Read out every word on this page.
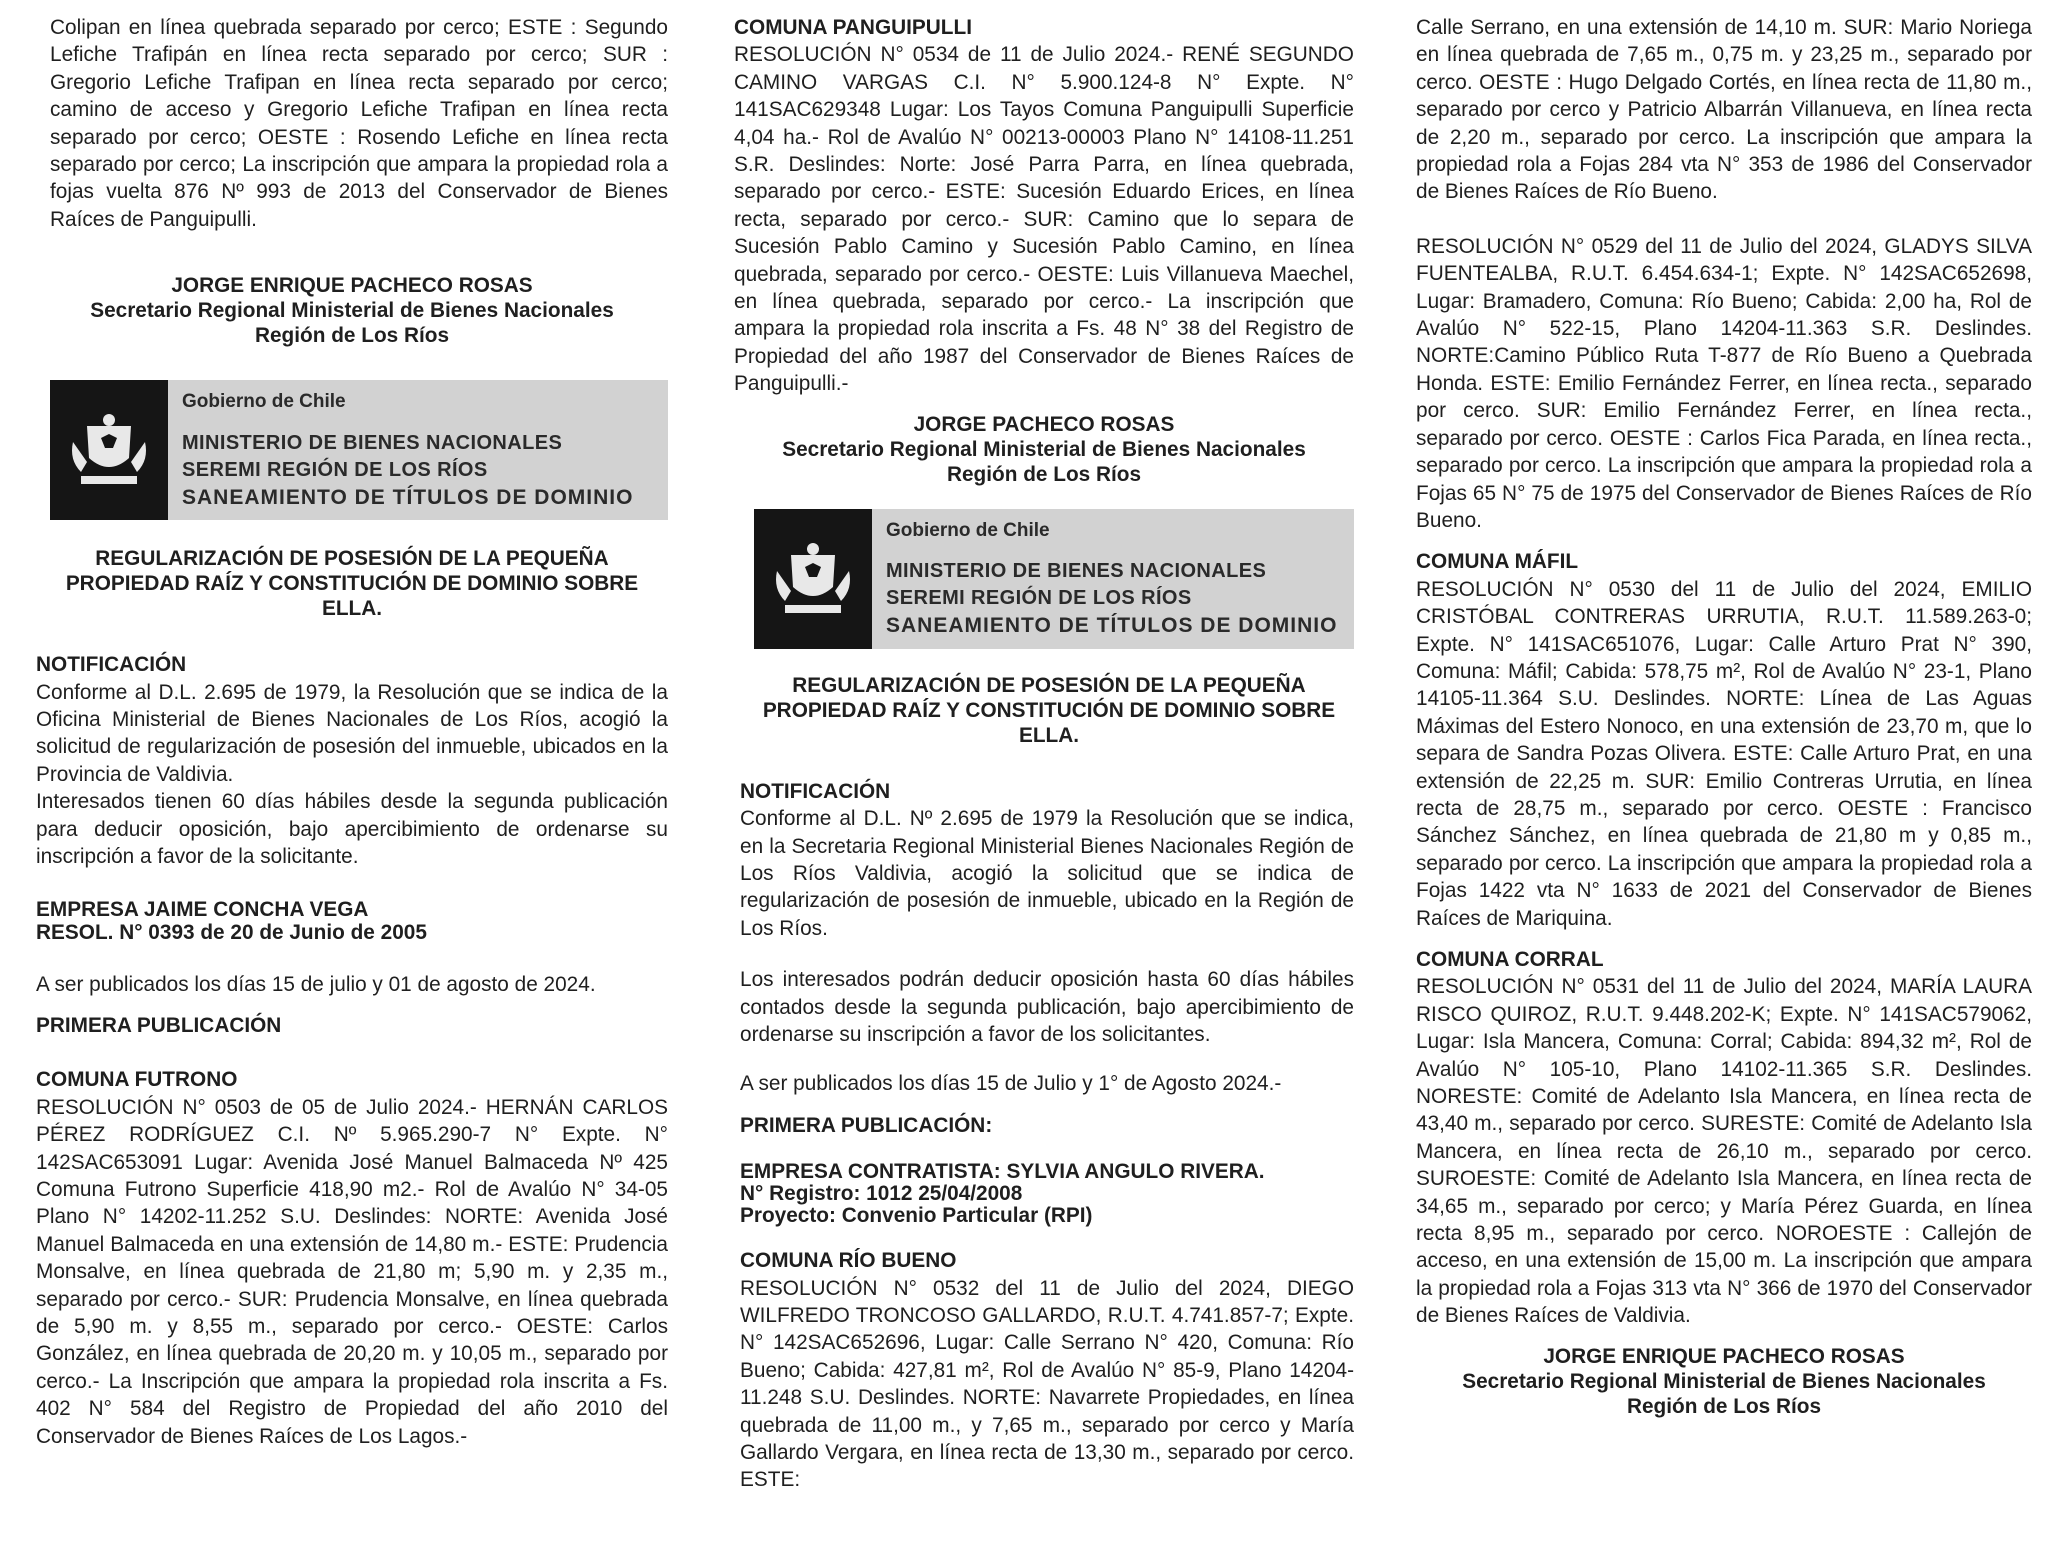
Colipan en línea quebrada separado por cerco; ESTE : Segundo Lefiche Trafipán en línea recta separado por cerco; SUR : Gregorio Lefiche Trafipan en línea recta separado por cerco; camino de acceso y Gregorio Lefiche Trafipan en línea recta separado por cerco; OESTE : Rosendo Lefiche en línea recta separado por cerco; La inscripción que ampara la propiedad rola a fojas vuelta 876 Nº 993 de 2013 del Conservador de Bienes Raíces de Panguipulli.

JORGE ENRIQUE PACHECO ROSAS
Secretario Regional Ministerial de Bienes Nacionales
Región de Los Ríos
Gobierno de Chile
MINISTERIO DE BIENES NACIONALES
SEREMI REGIÓN DE LOS RÍOS
SANEAMIENTO DE TÍTULOS DE DOMINIO
REGULARIZACIÓN DE POSESIÓN DE LA PEQUEÑA
PROPIEDAD RAÍZ Y CONSTITUCIÓN DE DOMINIO SOBRE ELLA.
NOTIFICACIÓN

Conforme al D.L. 2.695 de 1979, la Resolución que se indica de la Oficina Ministerial de Bienes Nacionales de Los Ríos, acogió la solicitud de regularización de posesión del inmueble, ubicados en la Provincia de Valdivia.

Interesados tienen 60 días hábiles desde la segunda publicación para deducir oposición, bajo apercibimiento de ordenarse su inscripción a favor de la solicitante.

EMPRESA JAIME CONCHA VEGA
RESOL. N° 0393 de 20 de Junio de 2005

A ser publicados los días 15 de julio y 01 de agosto de 2024.

PRIMERA PUBLICACIÓN
COMUNA FUTRONO

RESOLUCIÓN N° 0503 de 05 de Julio 2024.- HERNÁN CARLOS PÉREZ RODRÍGUEZ C.I. Nº 5.965.290-7 N° Expte. N° 142SAC653091 Lugar: Avenida José Manuel Balmaceda Nº 425 Comuna Futrono Superficie 418,90 m2.- Rol de Avalúo N° 34-05 Plano N° 14202-11.252 S.U. Deslindes: NORTE: Avenida José Manuel Balmaceda en una extensión de 14,80 m.- ESTE: Prudencia Monsalve, en línea quebrada de 21,80 m; 5,90 m. y 2,35 m., separado por cerco.- SUR: Prudencia Monsalve, en línea quebrada de 5,90 m. y 8,55 m., separado por cerco.- OESTE: Carlos González, en línea quebrada de 20,20 m. y 10,05 m., separado por cerco.- La Inscripción que ampara la propiedad rola inscrita a Fs. 402 N° 584 del Registro de Propiedad del año 2010 del Conservador de Bienes Raíces de Los Lagos.-

COMUNA PANGUIPULLI

RESOLUCIÓN N° 0534 de 11 de Julio 2024.- RENÉ SEGUNDO CAMINO VARGAS C.I. N° 5.900.124-8 N° Expte. N° 141SAC629348 Lugar: Los Tayos Comuna Panguipulli Superficie 4,04 ha.- Rol de Avalúo N° 00213-00003 Plano N° 14108-11.251 S.R. Deslindes: Norte: José Parra Parra, en línea quebrada, separado por cerco.- ESTE: Sucesión Eduardo Erices, en línea recta, separado por cerco.- SUR: Camino que lo separa de Sucesión Pablo Camino y Sucesión Pablo Camino, en línea quebrada, separado por cerco.- OESTE: Luis Villanueva Maechel, en línea quebrada, separado por cerco.- La inscripción que ampara la propiedad rola inscrita a Fs. 48 N° 38 del Registro de Propiedad del año 1987 del Conservador de Bienes Raíces de Panguipulli.-

JORGE PACHECO ROSAS
Secretario Regional Ministerial de Bienes Nacionales
Región de Los Ríos
Gobierno de Chile
MINISTERIO DE BIENES NACIONALES
SEREMI REGIÓN DE LOS RÍOS
SANEAMIENTO DE TÍTULOS DE DOMINIO
REGULARIZACIÓN DE POSESIÓN DE LA PEQUEÑA
PROPIEDAD RAÍZ Y CONSTITUCIÓN DE DOMINIO SOBRE ELLA.
NOTIFICACIÓN

Conforme al D.L. Nº 2.695 de 1979 la Resolución que se indica, en la Secretaria Regional Ministerial Bienes Nacionales Región de Los Ríos Valdivia, acogió la solicitud que se indica de regularización de posesión de inmueble, ubicado en la Región de Los Ríos.

Los interesados podrán deducir oposición hasta 60 días hábiles contados desde la segunda publicación, bajo apercibimiento de ordenarse su inscripción a favor de los solicitantes.

A ser publicados los días 15 de Julio y 1° de Agosto 2024.-

PRIMERA PUBLICACIÓN:
EMPRESA CONTRATISTA: SYLVIA ANGULO RIVERA.
N° Registro: 1012 25/04/2008
Proyecto: Convenio Particular (RPI)
COMUNA RÍO BUENO

RESOLUCIÓN N° 0532 del 11 de Julio del 2024, DIEGO WILFREDO TRONCOSO GALLARDO, R.U.T. 4.741.857-7; Expte. N° 142SAC652696, Lugar: Calle Serrano N° 420, Comuna: Río Bueno; Cabida: 427,81 m², Rol de Avalúo N° 85-9, Plano 14204-11.248 S.U. Deslindes. NORTE: Navarrete Propiedades, en línea quebrada de 11,00 m., y 7,65 m., separado por cerco y María Gallardo Vergara, en línea recta de 13,30 m., separado por cerco. ESTE:

Calle Serrano, en una extensión de 14,10 m. SUR: Mario Noriega en línea quebrada de 7,65 m., 0,75 m. y 23,25 m., separado por cerco. OESTE : Hugo Delgado Cortés, en línea recta de 11,80 m., separado por cerco y Patricio Albarrán Villanueva, en línea recta de 2,20 m., separado por cerco. La inscripción que ampara la propiedad rola a Fojas 284 vta N° 353 de 1986 del Conservador de Bienes Raíces de Río Bueno.

RESOLUCIÓN N° 0529 del 11 de Julio del 2024, GLADYS SILVA FUENTEALBA, R.U.T. 6.454.634-1; Expte. N° 142SAC652698, Lugar: Bramadero, Comuna: Río Bueno; Cabida: 2,00 ha, Rol de Avalúo N° 522-15, Plano 14204-11.363 S.R. Deslindes. NORTE:Camino Público Ruta T-877 de Río Bueno a Quebrada Honda. ESTE: Emilio Fernández Ferrer, en línea recta., separado por cerco. SUR: Emilio Fernández Ferrer, en línea recta., separado por cerco. OESTE : Carlos Fica Parada, en línea recta., separado por cerco. La inscripción que ampara la propiedad rola a Fojas 65 N° 75 de 1975 del Conservador de Bienes Raíces de Río Bueno.

COMUNA MÁFIL

RESOLUCIÓN N° 0530 del 11 de Julio del 2024, EMILIO CRISTÓBAL CONTRERAS URRUTIA, R.U.T. 11.589.263-0; Expte. N° 141SAC651076, Lugar: Calle Arturo Prat N° 390, Comuna: Máfil; Cabida: 578,75 m², Rol de Avalúo N° 23-1, Plano 14105-11.364 S.U. Deslindes. NORTE: Línea de Las Aguas Máximas del Estero Nonoco, en una extensión de 23,70 m, que lo separa de Sandra Pozas Olivera. ESTE: Calle Arturo Prat, en una extensión de 22,25 m. SUR: Emilio Contreras Urrutia, en línea recta de 28,75 m., separado por cerco. OESTE : Francisco Sánchez Sánchez, en línea quebrada de 21,80 m y 0,85 m., separado por cerco. La inscripción que ampara la propiedad rola a Fojas 1422 vta N° 1633 de 2021 del Conservador de Bienes Raíces de Mariquina.

COMUNA CORRAL

RESOLUCIÓN N° 0531 del 11 de Julio del 2024, MARÍA LAURA RISCO QUIROZ, R.U.T. 9.448.202-K; Expte. N° 141SAC579062, Lugar: Isla Mancera, Comuna: Corral; Cabida: 894,32 m², Rol de Avalúo N° 105-10, Plano 14102-11.365 S.R. Deslindes. NORESTE: Comité de Adelanto Isla Mancera, en línea recta de 43,40 m., separado por cerco. SURESTE: Comité de Adelanto Isla Mancera, en línea recta de 26,10 m., separado por cerco. SUROESTE: Comité de Adelanto Isla Mancera, en línea recta de 34,65 m., separado por cerco; y María Pérez Guarda, en línea recta 8,95 m., separado por cerco. NOROESTE : Callejón de acceso, en una extensión de 15,00 m. La inscripción que ampara la propiedad rola a Fojas 313 vta N° 366 de 1970 del Conservador de Bienes Raíces de Valdivia.

JORGE ENRIQUE PACHECO ROSAS
Secretario Regional Ministerial de Bienes Nacionales
Región de Los Ríos
